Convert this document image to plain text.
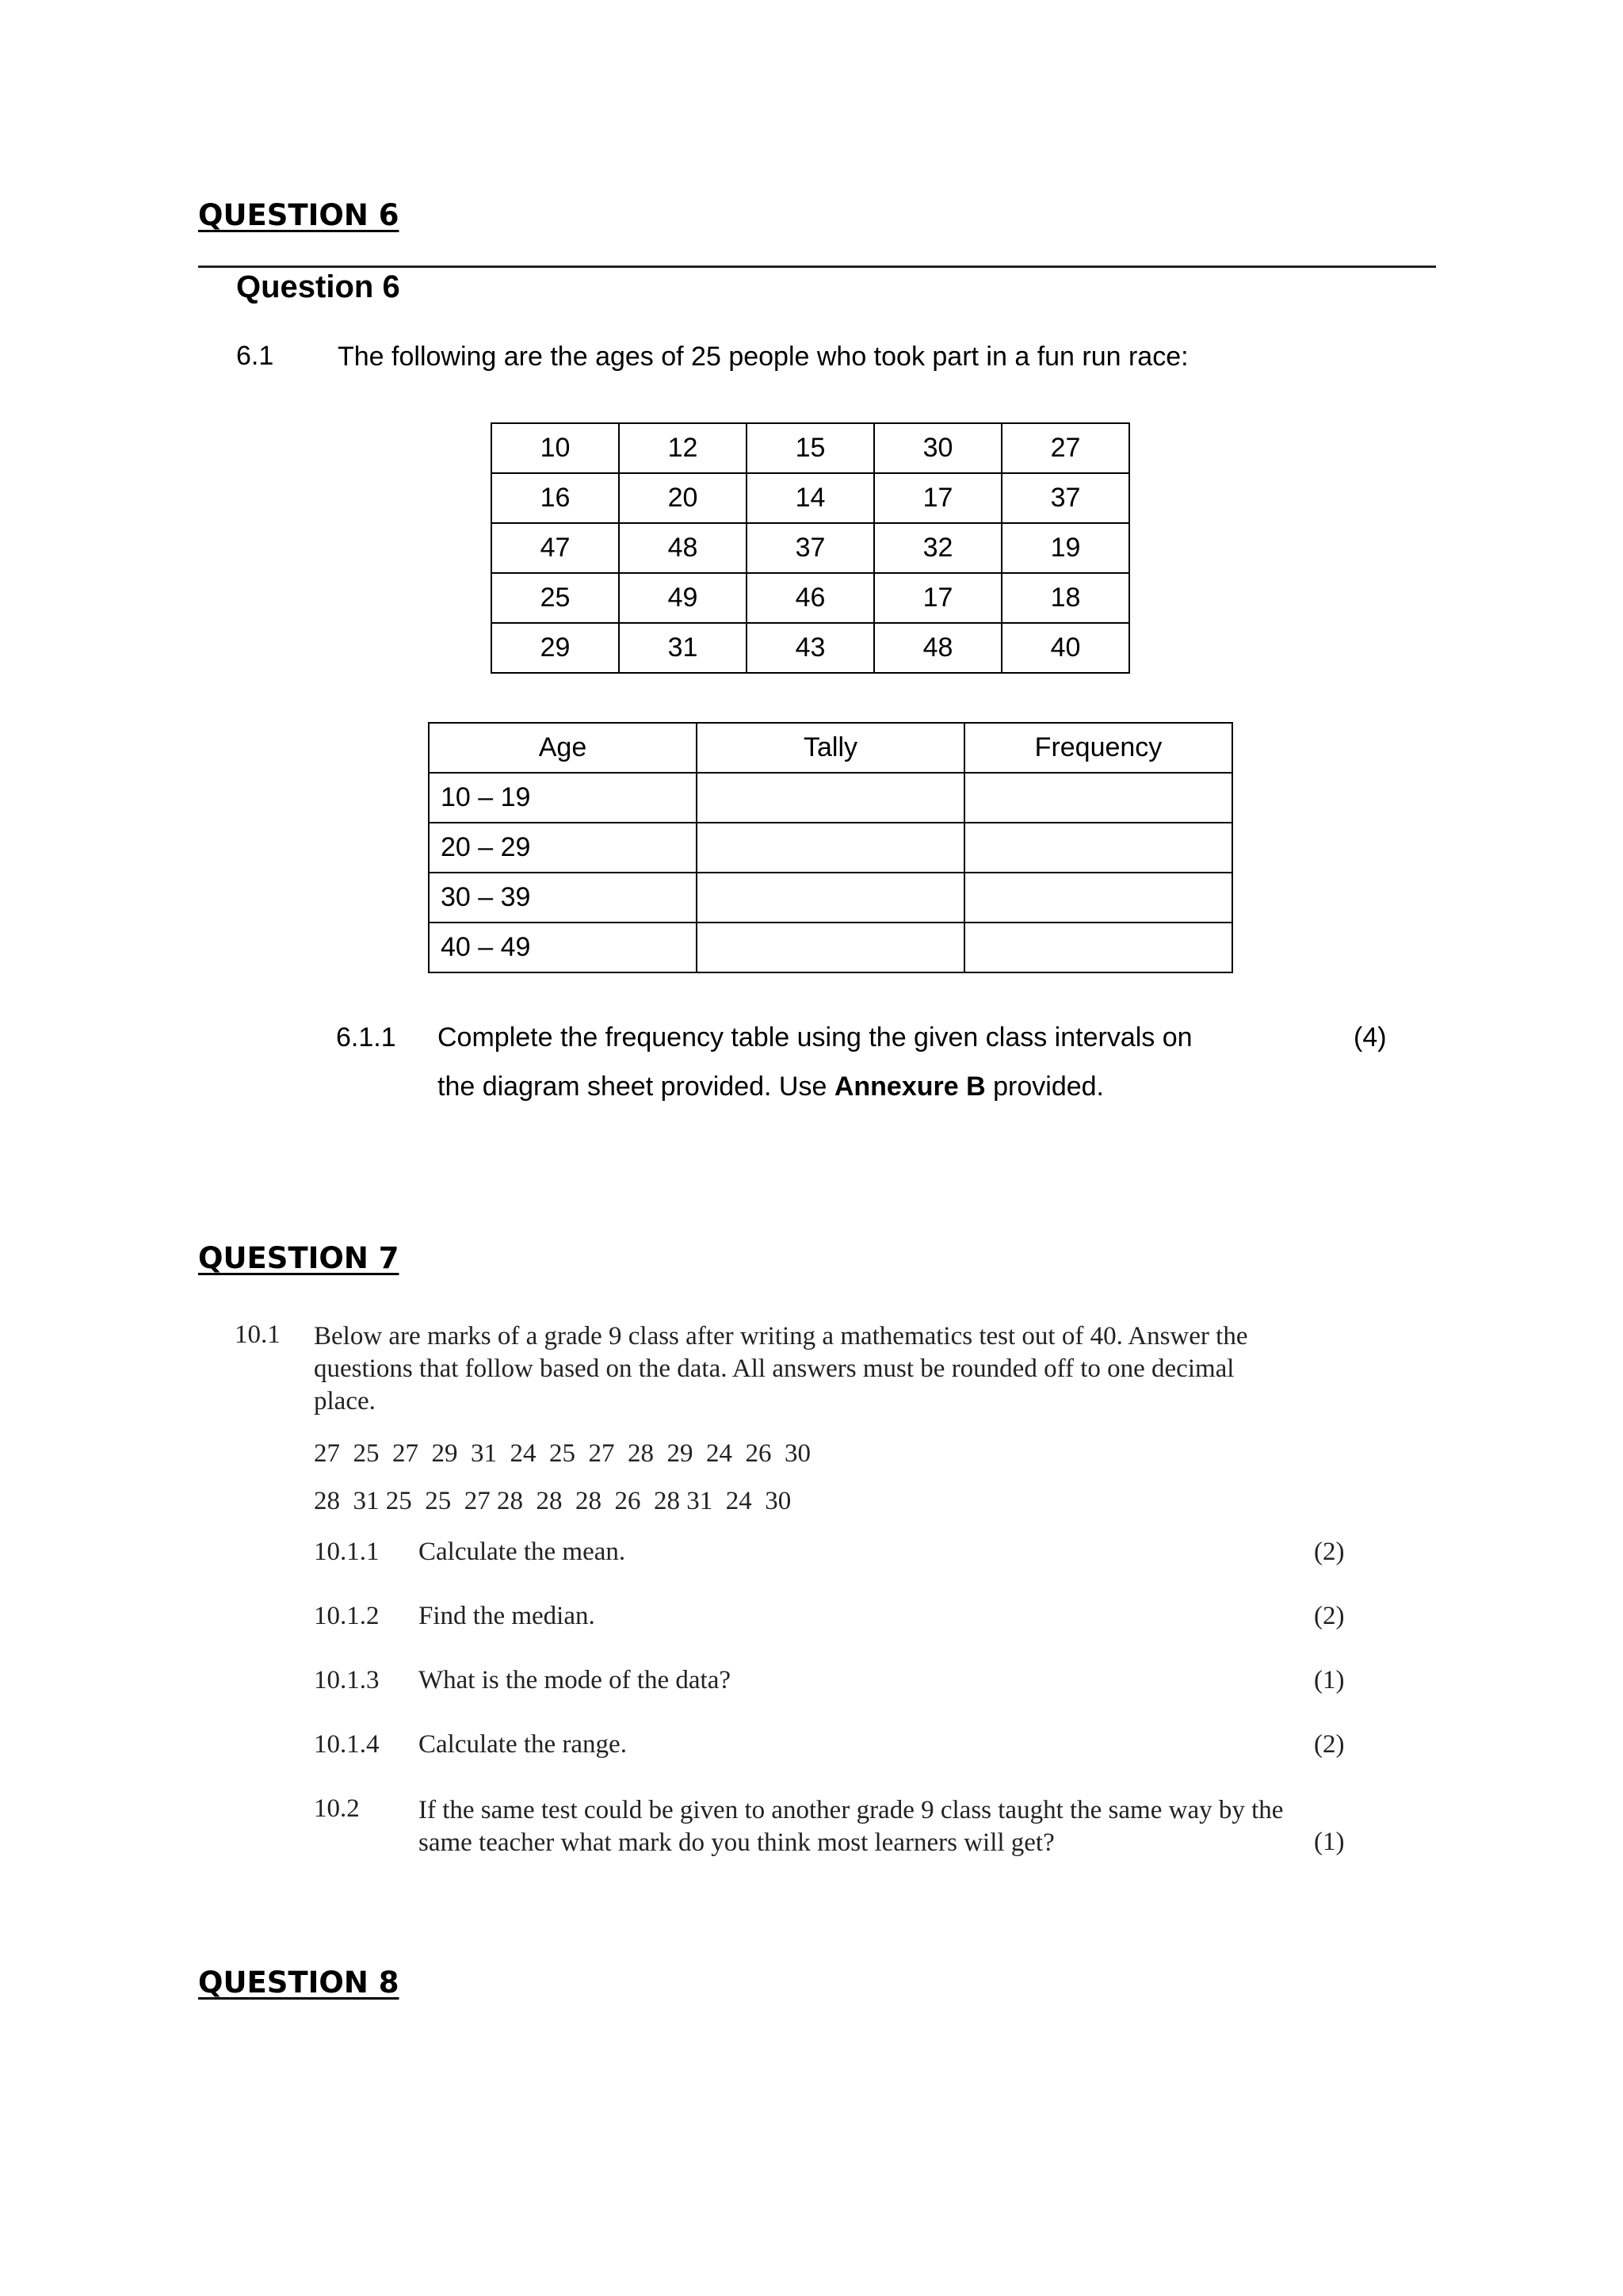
QUESTION 6
Question 6
6.1 The following are the ages of 25 people who took part in a fun run race:
10	12	15	30	27
16	20	14	17	37
47	48	37	32	19
25	49	46	17	18
29	31	43	48	40
Age	Tally	Frequency
10 – 19		
20 – 29		
30 – 39		
40 – 49		
6.1.1 Complete the frequency table using the given class intervals on	(4)
the diagram sheet provided. Use Annexure B provided.
QUESTION 7
10.1 Below are marks of a grade 9 class after writing a mathematics test out of 40. Answer the questions that follow based on the data. All answers must be rounded off to one decimal place.
27  25  27  29  31  24  25  27  28  29  24  26  30
28  31 25  25  27 28  28  28  26  28 31  24  30
10.1.1 Calculate the mean.	(2)
10.1.2 Find the median.	(2)
10.1.3 What is the mode of the data?	(1)
10.1.4 Calculate the range.	(2)
10.2 If the same test could be given to another grade 9 class taught the same way by the same teacher what mark do you think most learners will get?	(1)
QUESTION 8
